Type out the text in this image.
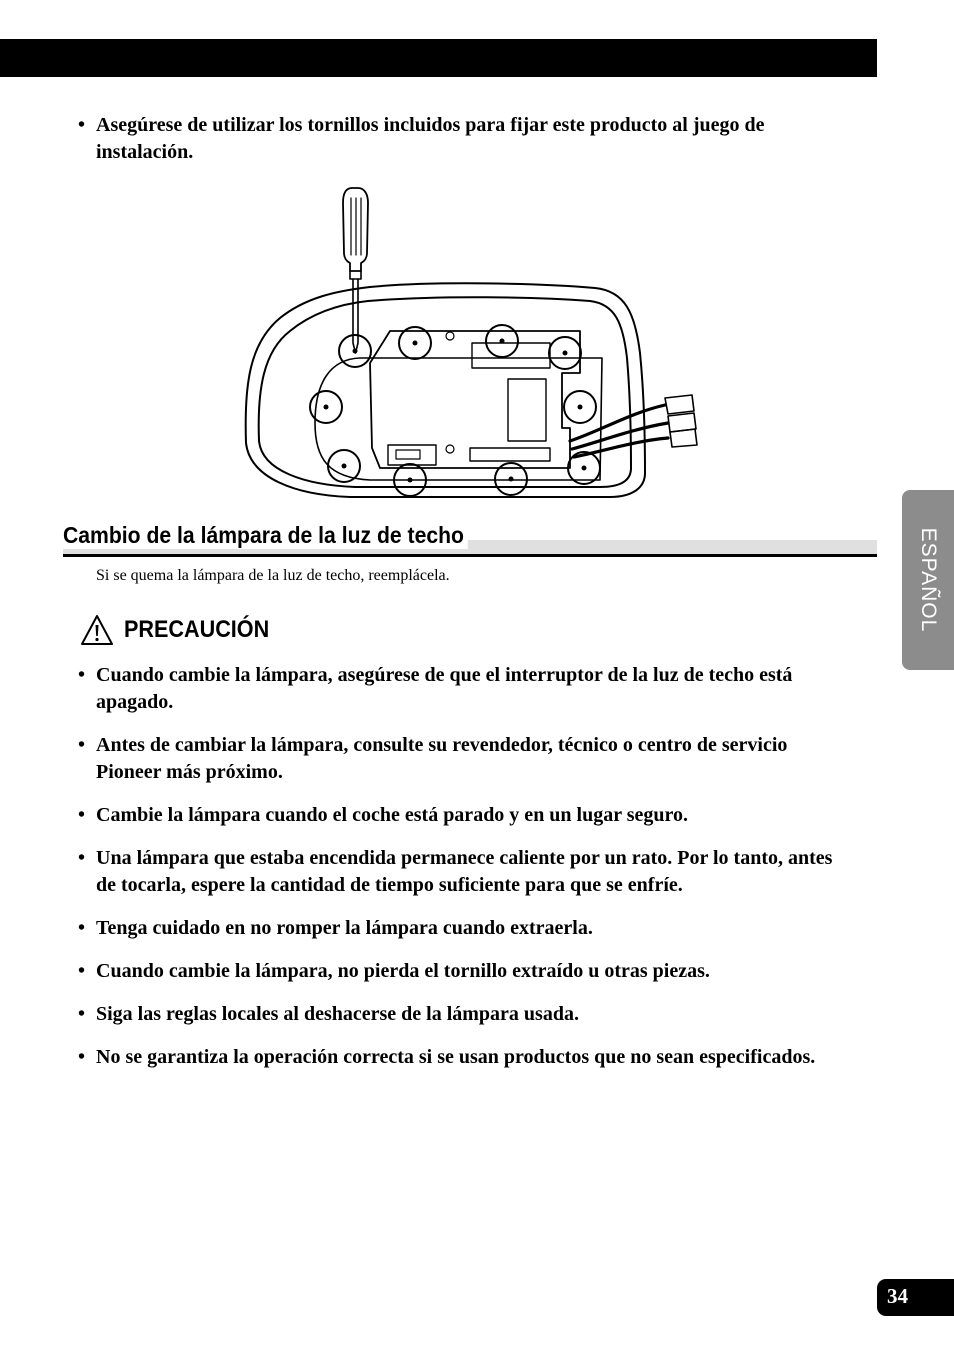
• Asegúrese de utilizar los tornillos incluidos para fijar este producto al juego de instalación.
Cambio de la lámpara de la luz de techo

Si se quema la lámpara de la luz de techo, reemplácela.

PRECAUCIÓN
• Cuando cambie la lámpara, asegúrese de que el interruptor de la luz de techo está apagado.
• Antes de cambiar la lámpara, consulte su revendedor, técnico o centro de servicio Pioneer más próximo.
• Cambie la lámpara cuando el coche está parado y en un lugar seguro.
• Una lámpara que estaba encendida permanece caliente por un rato. Por lo tanto, antes de tocarla, espere la cantidad de tiempo suficiente para que se enfríe.
• Tenga cuidado en no romper la lámpara cuando extraerla.
• Cuando cambie la lámpara, no pierda el tornillo extraído u otras piezas.
• Siga las reglas locales al deshacerse de la lámpara usada.
• No se garantiza la operación correcta si se usan productos que no sean especificados.
ESPAÑOL
34
